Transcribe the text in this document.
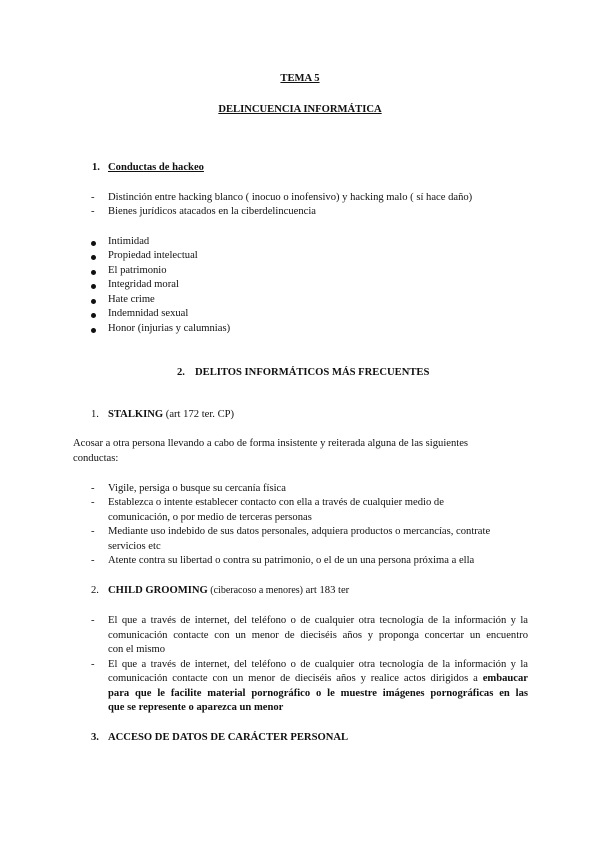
TEMA 5
DELINCUENCIA INFORMÁTICA
1. Conductas de hackeo
- Distinción entre hacking blanco ( inocuo o inofensivo) y hacking malo ( sí hace daño)
- Bienes jurídicos atacados en la ciberdelincuencia
Intimidad
Propiedad intelectual
El patrimonio
Integridad moral
Hate crime
Indemnidad sexual
Honor (injurias y calumnias)
2. DELITOS INFORMÁTICOS MÁS FRECUENTES
1. STALKING (art 172 ter. CP)
Acosar a otra persona llevando a cabo de forma insistente y reiterada alguna de las siguientes
conductas:
- Vigile, persiga o busque su cercanía física
- Establezca o intente establecer contacto con ella a través de cualquier medio de
comunicación, o por medio de terceras personas
- Mediante uso indebido de sus datos personales, adquiera productos o mercancías, contrate
servicios etc
- Atente contra su libertad o contra su patrimonio, o el de un una persona próxima a ella
2. CHILD GROOMING (ciberacoso a menores) art 183 ter
- El que a través de internet, del teléfono o de cualquier otra tecnología de la información y la
comunicación contacte con un menor de dieciséis años y proponga concertar un encuentro
con el mismo
- El que a través de internet, del teléfono o de cualquier otra tecnología de la información y la
comunicación contacte con un menor de dieciséis años y realice actos dirigidos a embaucar
para que le facilite material pornográfico o le muestre imágenes pornográficas en las
que se represente o aparezca un menor
3. ACCESO DE DATOS DE CARÁCTER PERSONAL
